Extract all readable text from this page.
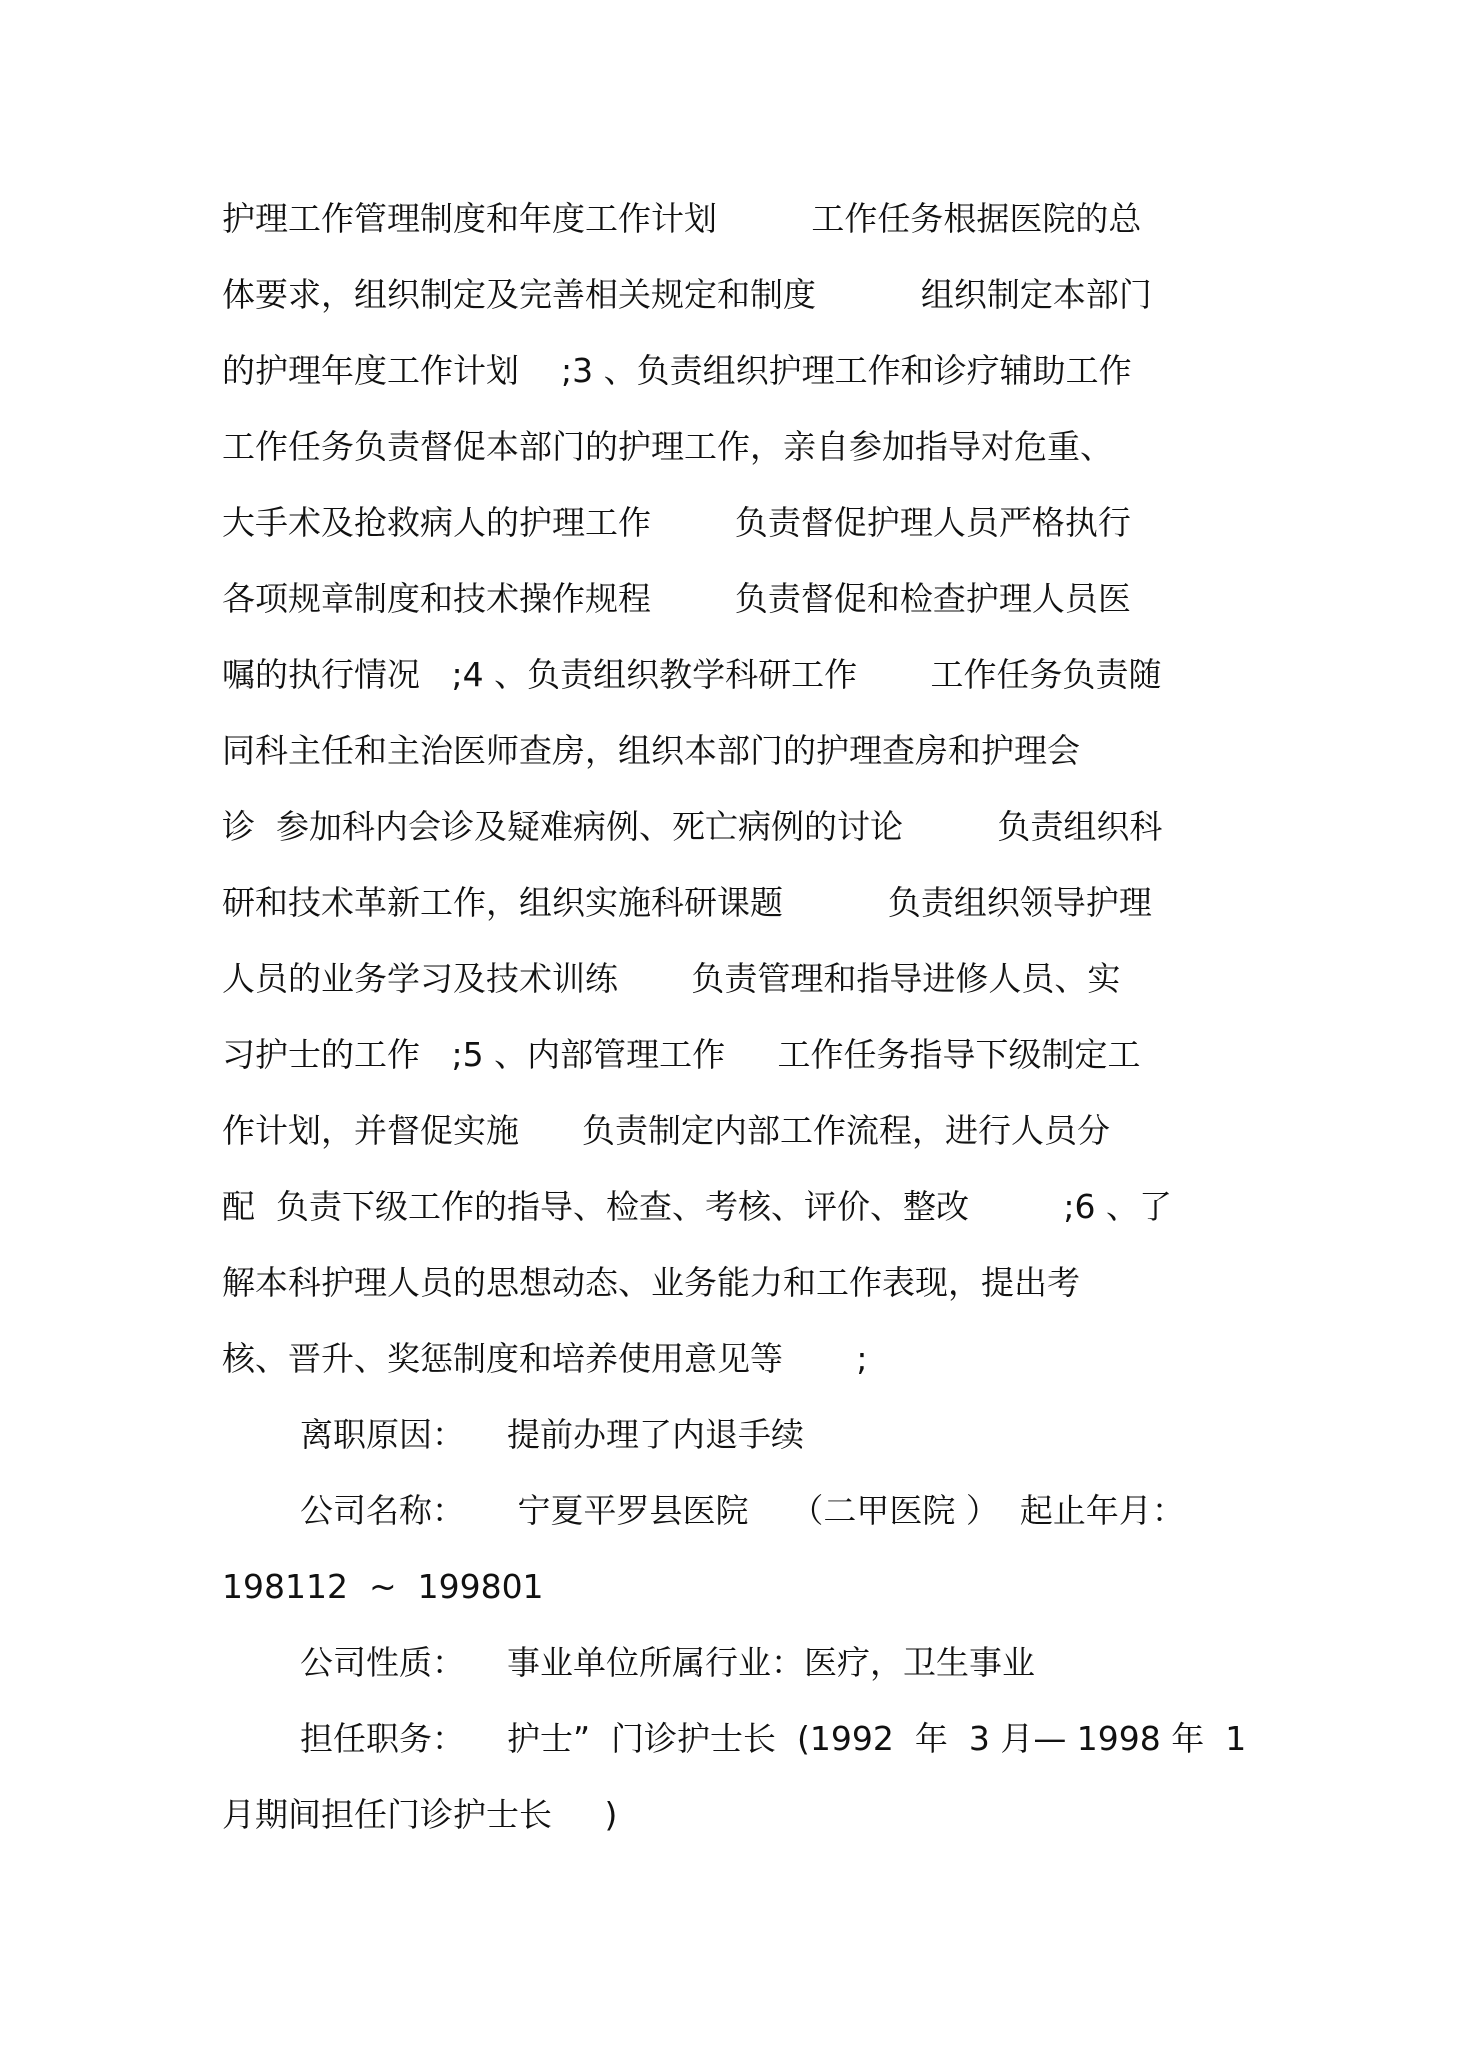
护理工作管理制度和年度工作计划         工作任务根据医院的总
体要求，组织制定及完善相关规定和制度          组织制定本部门
的护理年度工作计划    ;3 、负责组织护理工作和诊疗辅助工作
工作任务负责督促本部门的护理工作，亲自参加指导对危重、
大手术及抢救病人的护理工作        负责督促护理人员严格执行
各项规章制度和技术操作规程        负责督促和检查护理人员医
嘱的执行情况   ;4 、负责组织教学科研工作       工作任务负责随
同科主任和主治医师查房，组织本部门的护理查房和护理会
诊  参加科内会诊及疑难病例、死亡病例的讨论         负责组织科
研和技术革新工作，组织实施科研课题          负责组织领导护理
人员的业务学习及技术训练       负责管理和指导进修人员、实
习护士的工作   ;5 、内部管理工作     工作任务指导下级制定工
作计划，并督促实施      负责制定内部工作流程，进行人员分
配  负责下级工作的指导、检查、考核、评价、整改         ;6 、了
解本科护理人员的思想动态、业务能力和工作表现，提出考
核、晋升、奖惩制度和培养使用意见等       ;
离职原因：    提前办理了内退手续
公司名称：     宁夏平罗县医院    （二甲医院 ）  起止年月：
198112  ~  199801
公司性质：    事业单位所属行业：医疗，卫生事业
担任职务：    护士”  门诊护士长  (1992  年  3 月— 1998 年  1
月期间担任门诊护士长     )
